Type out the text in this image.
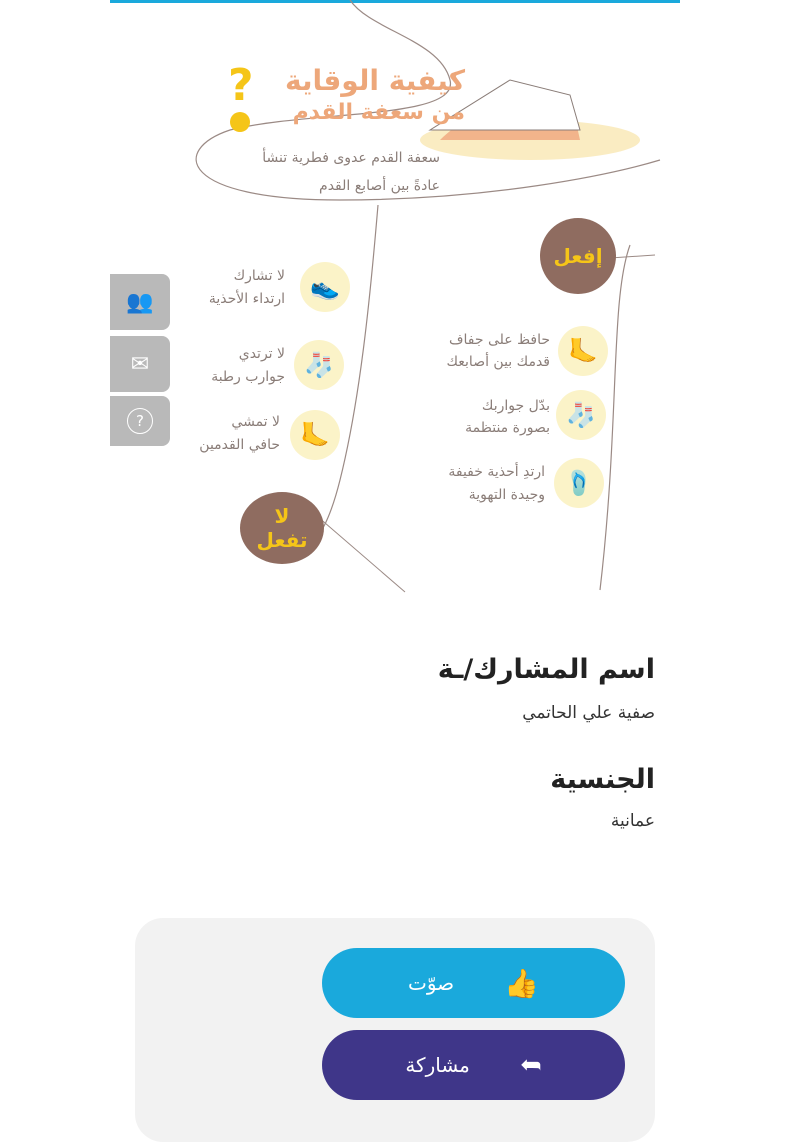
? كيفية الوقاية
من سعفة القدم
سعفة القدم عدوى فطرية تنشأ
عادةً بين أصابع القدم
إفعل
لا
تفعل
🦶
حافظ على جفاف
قدمك بين أصابعك
🧦
بدّل جواربك
بصورة منتظمة
🩴
ارتدِ أحذية خفيفة
وجيدة التهوية
👟
لا تشارك
ارتداء الأحذية
🧦
لا ترتدي
جوارب رطبة
🦶
لا تمشي
حافي القدمين
👥
✉
?
اسم المشارك/ـة
صفية علي الحاتمي
الجنسية
عمانية
👍
صوّت
➦
مشاركة
